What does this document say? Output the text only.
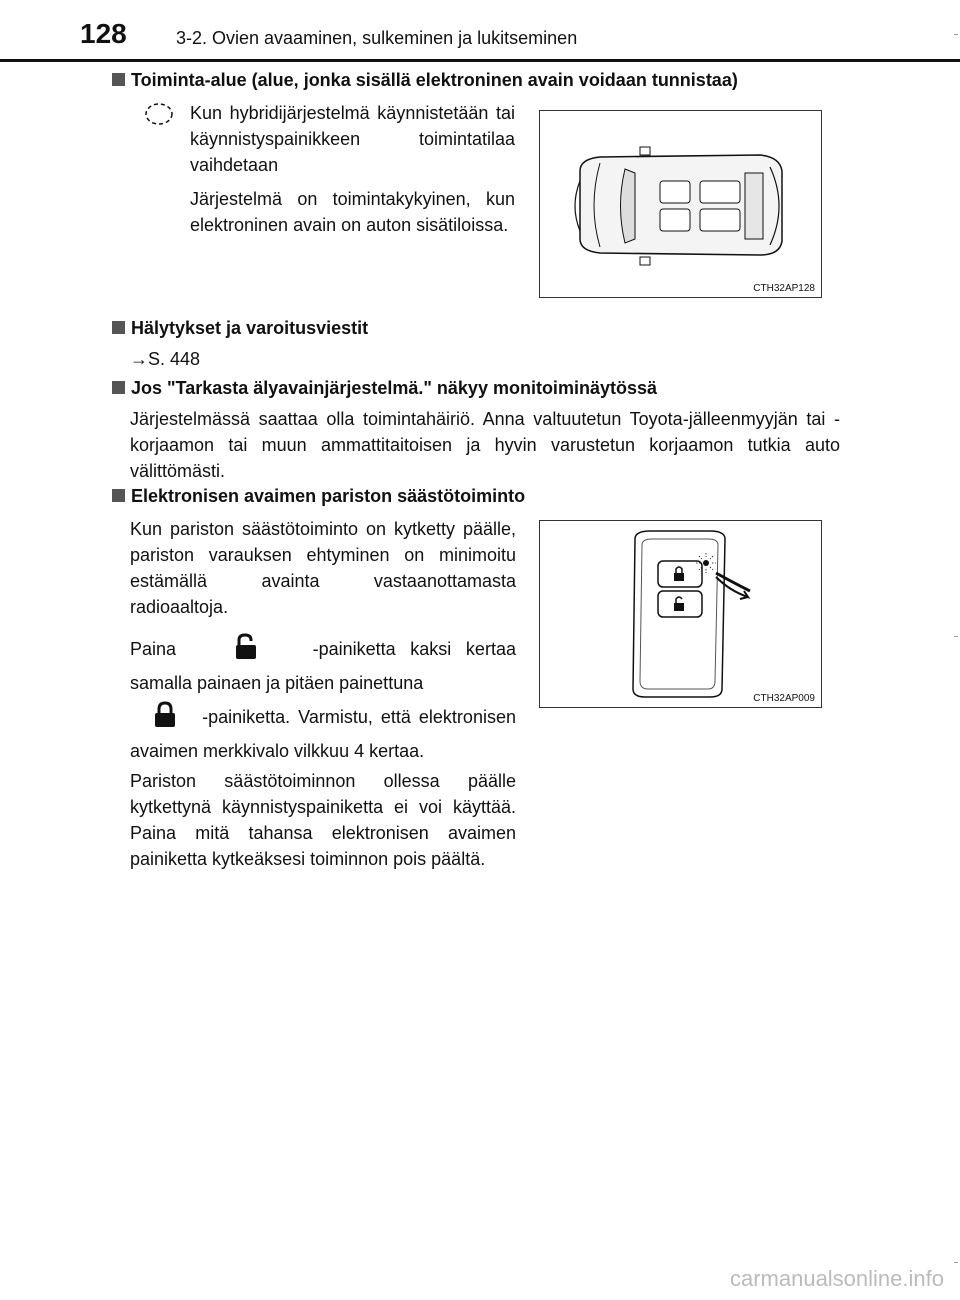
128	3-2. Ovien avaaminen, sulkeminen ja lukitseminen
Toiminta-alue (alue, jonka sisällä elektroninen avain voidaan tunnistaa)

Kun hybridijärjestelmä käynnistetään tai käynnistyspainikkeen toimintatilaa vaihdetaan

Järjestelmä on toimintakykyinen, kun elektroninen avain on auton sisätiloissa.

CTH32AP128
Hälytykset ja varoitusviestit
→S. 448
Jos "Tarkasta älyavainjärjestelmä." näkyy monitoiminäytössä
Järjestelmässä saattaa olla toimintahäiriö. Anna valtuutetun Toyota-jälleenmyyjän tai -korjaamon tai muun ammattitaitoisen ja hyvin varustetun korjaamon tutkia auto välittömästi.
Elektronisen avaimen pariston säästötoiminto

Kun pariston säästötoiminto on kytketty päälle, pariston varauksen ehtyminen on minimoitu estämällä avainta vastaanottamasta radioaaltoja.

Paina	-painiketta kaksi kertaa samalla painaen ja pitäen painettuna
-painiketta. Varmistu, että elektronisen avaimen merkkivalo vilkkuu 4 kertaa.

Pariston säästötoiminnon ollessa päälle kytkettynä käynnistyspainiketta ei voi käyttää. Paina mitä tahansa elektronisen avaimen painiketta kytkeäksesi toiminnon pois päältä.

CTH32AP009
carmanualsonline.info
